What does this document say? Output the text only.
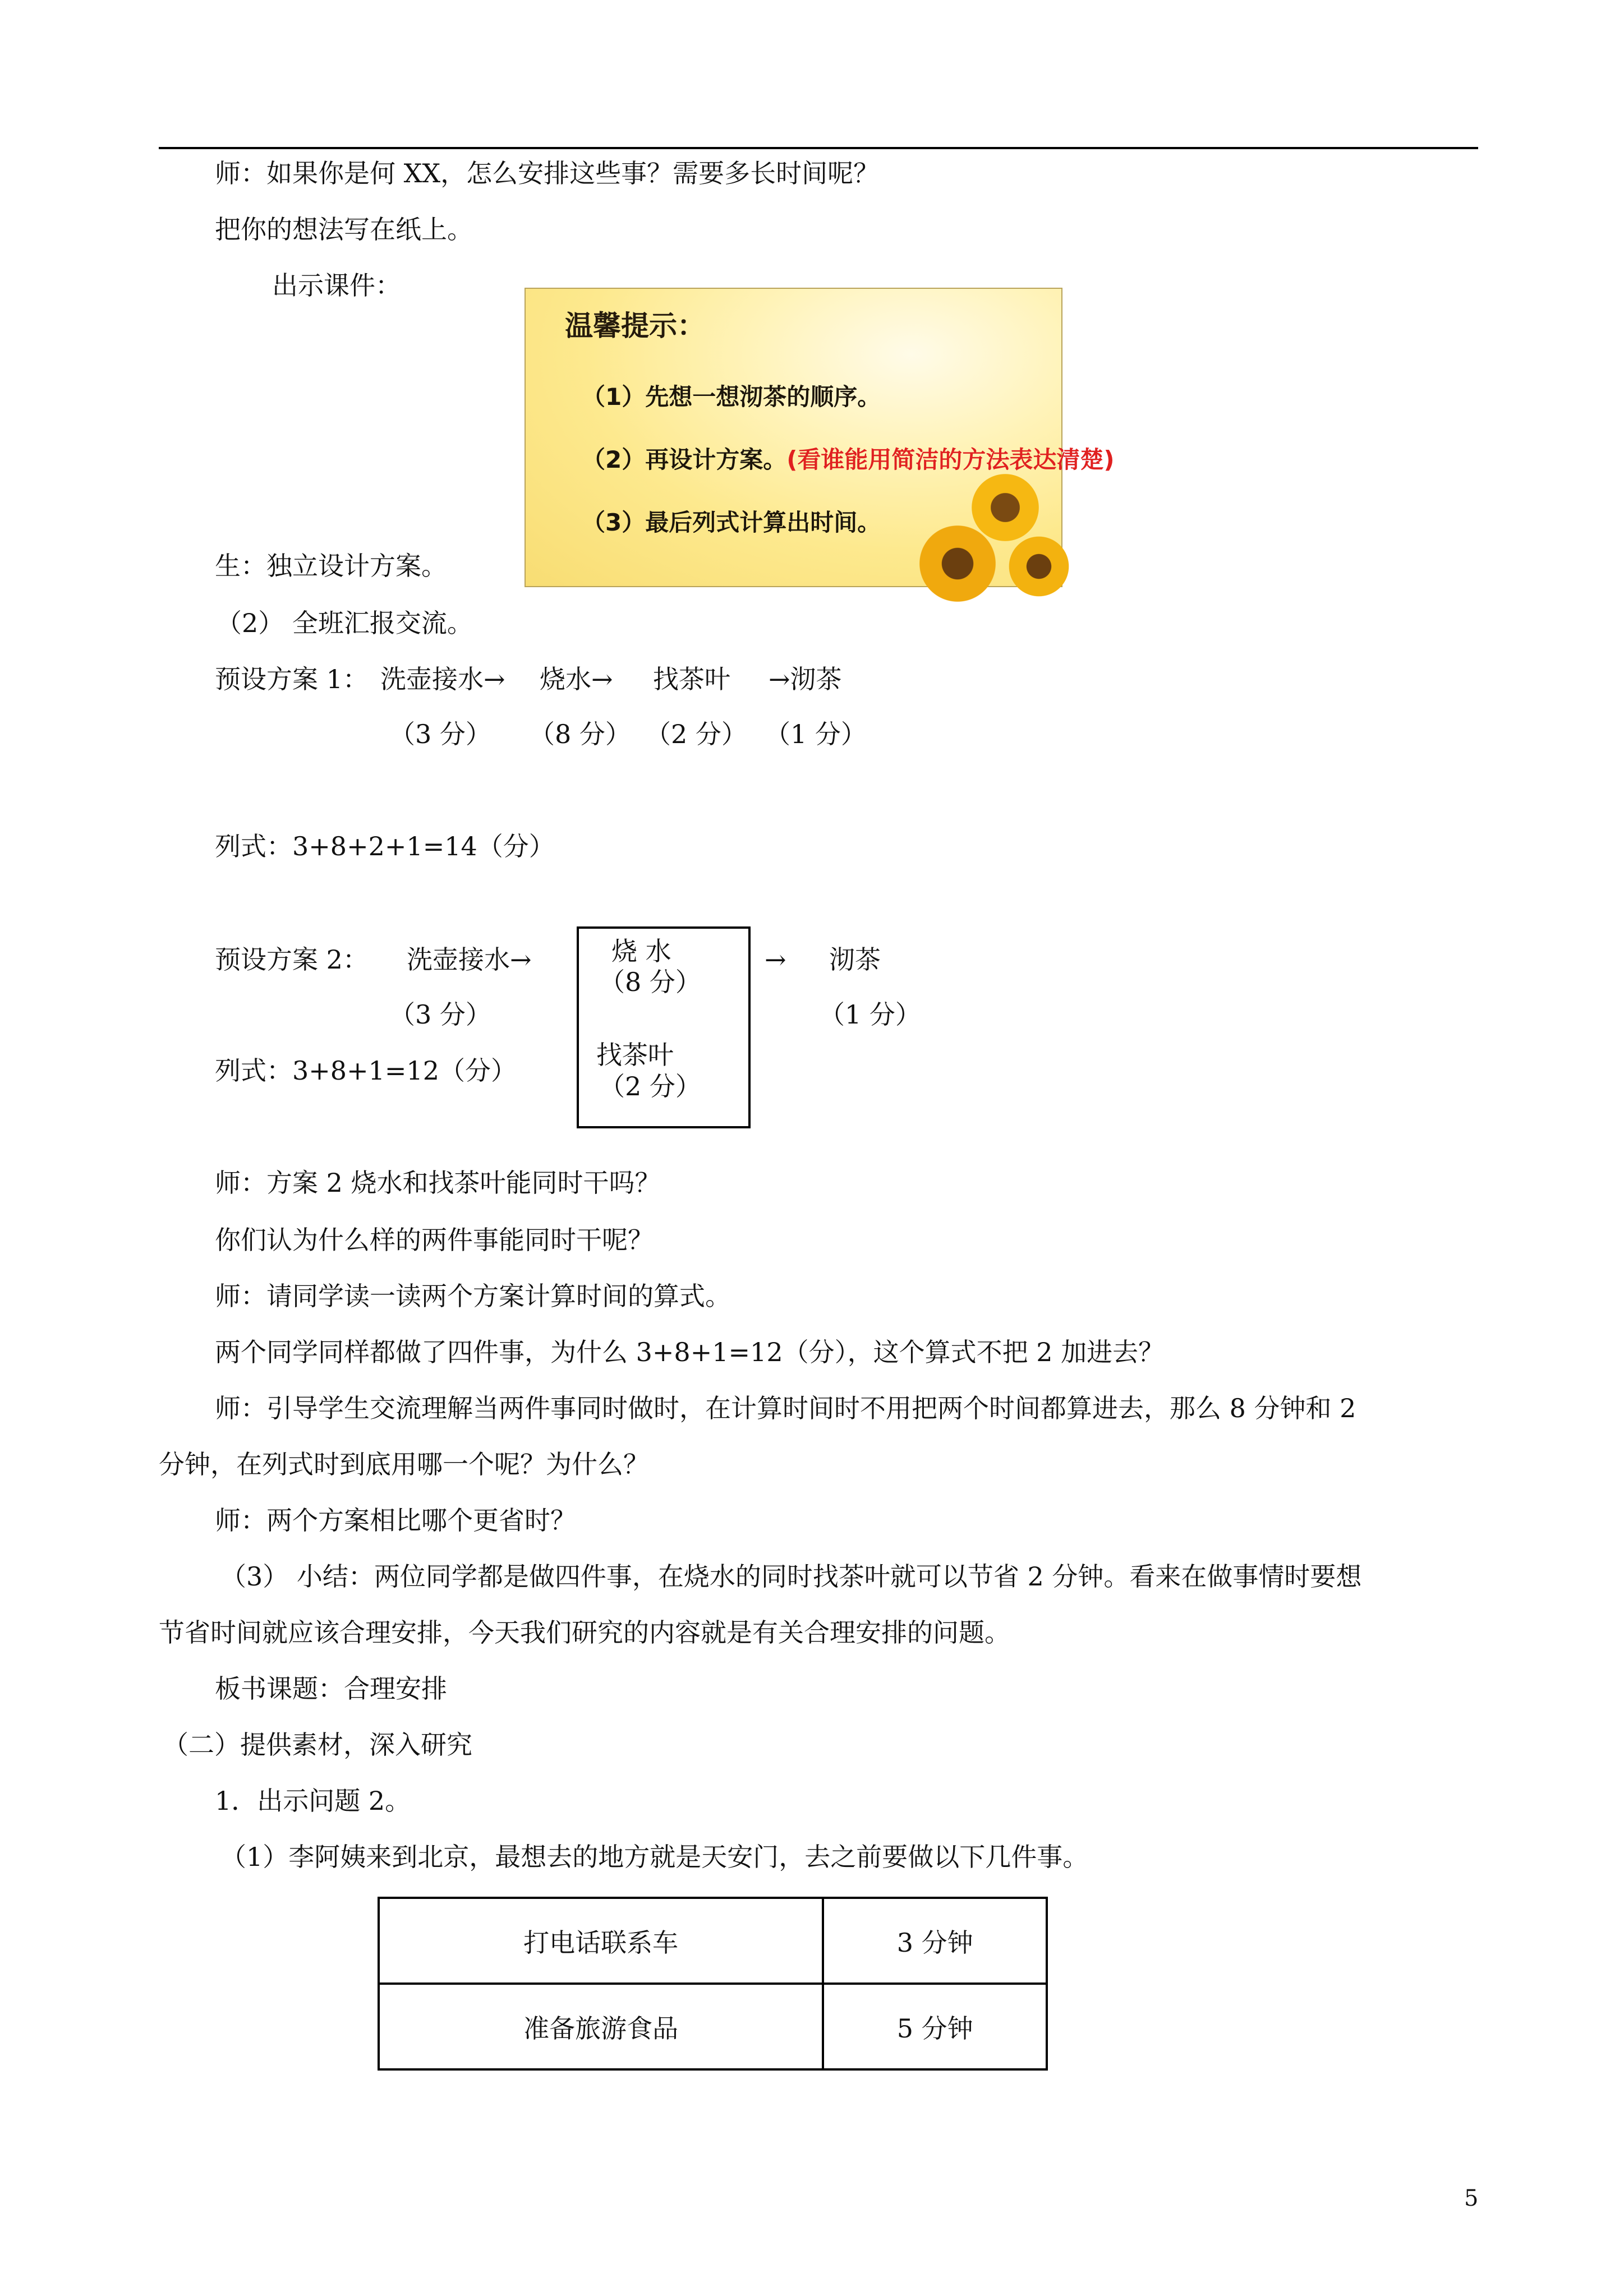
师：如果你是何 XX，怎么安排这些事？需要多长时间呢？
把你的想法写在纸上。
出示课件：
温馨提示：
（1）先想一想沏茶的顺序。
（2）再设计方案。(看谁能用简洁的方法表达清楚)
（3）最后列式计算出时间。
生：独立设计方案。
（2） 全班汇报交流。
预设方案 1： 洗壶接水→ 烧水→ 找茶叶 →沏茶
（3 分） （8 分） （2 分） （1 分）
列式：3+8+2+1=14（分）
预设方案 2： 洗壶接水→
（3 分）
烧 水
（8 分）
找茶叶
（2 分）
→ 沏茶
（1 分）
列式：3+8+1=12（分）
师：方案 2 烧水和找茶叶能同时干吗？
你们认为什么样的两件事能同时干呢？
师：请同学读一读两个方案计算时间的算式。
两个同学同样都做了四件事，为什么 3+8+1=12（分），这个算式不把 2 加进去？
师：引导学生交流理解当两件事同时做时，在计算时间时不用把两个时间都算进去，那么 8 分钟和 2
分钟，在列式时到底用哪一个呢？为什么？
师：两个方案相比哪个更省时？
（3） 小结：两位同学都是做四件事，在烧水的同时找茶叶就可以节省 2 分钟。看来在做事情时要想
节省时间就应该合理安排，今天我们研究的内容就是有关合理安排的问题。
板书课题：合理安排
（二）提供素材，深入研究
1．出示问题 2。
（1）李阿姨来到北京，最想去的地方就是天安门，去之前要做以下几件事。
打电话联系车	3 分钟
准备旅游食品	5 分钟
5
